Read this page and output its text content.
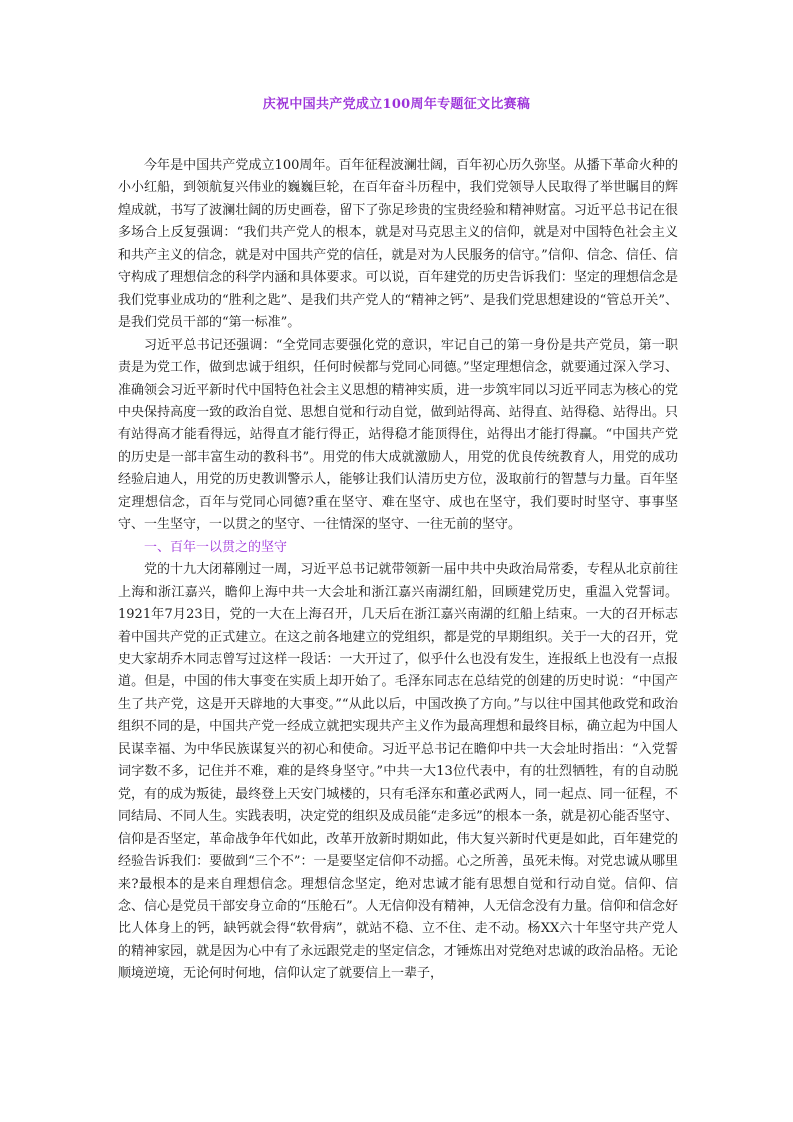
庆祝中国共产党成立100周年专题征文比赛稿

今年是中国共产党成立100周年。百年征程波澜壮阔，百年初心历久弥坚。从播下革命火种的小小红船，到领航复兴伟业的巍巍巨轮，在百年奋斗历程中，我们党领导人民取得了举世瞩目的辉煌成就，书写了波澜壮阔的历史画卷，留下了弥足珍贵的宝贵经验和精神财富。习近平总书记在很多场合上反复强调：“我们共产党人的根本，就是对马克思主义的信仰，就是对中国特色社会主义和共产主义的信念，就是对中国共产党的信任，就是对为人民服务的信守。”信仰、信念、信任、信守构成了理想信念的科学内涵和具体要求。可以说，百年建党的历史告诉我们：坚定的理想信念是我们党事业成功的“胜利之匙”、是我们共产党人的“精神之钙”、是我们党思想建设的“管总开关”、是我们党员干部的“第一标准”。

习近平总书记还强调：“全党同志要强化党的意识，牢记自己的第一身份是共产党员，第一职责是为党工作，做到忠诚于组织，任何时候都与党同心同德。”坚定理想信念，就要通过深入学习、准确领会习近平新时代中国特色社会主义思想的精神实质，进一步筑牢同以习近平同志为核心的党中央保持高度一致的政治自觉、思想自觉和行动自觉，做到站得高、站得直、站得稳、站得出。只有站得高才能看得远，站得直才能行得正，站得稳才能顶得住，站得出才能打得赢。“中国共产党的历史是一部丰富生动的教科书”。用党的伟大成就激励人，用党的优良传统教育人，用党的成功经验启迪人，用党的历史教训警示人，能够让我们认清历史方位，汲取前行的智慧与力量。百年坚定理想信念，百年与党同心同德?重在坚守、难在坚守、成也在坚守，我们要时时坚守、事事坚守、一生坚守，一以贯之的坚守、一往情深的坚守、一往无前的坚守。

一、百年一以贯之的坚守

党的十九大闭幕刚过一周，习近平总书记就带领新一届中共中央政治局常委，专程从北京前往上海和浙江嘉兴，瞻仰上海中共一大会址和浙江嘉兴南湖红船，回顾建党历史，重温入党誓词。1921年7月23日，党的一大在上海召开，几天后在浙江嘉兴南湖的红船上结束。一大的召开标志着中国共产党的正式建立。在这之前各地建立的党组织，都是党的早期组织。关于一大的召开，党史大家胡乔木同志曾写过这样一段话：一大开过了，似乎什么也没有发生，连报纸上也没有一点报道。但是，中国的伟大事变在实质上却开始了。毛泽东同志在总结党的创建的历史时说：“中国产生了共产党，这是开天辟地的大事变。”“从此以后，中国改换了方向。”与以往中国其他政党和政治组织不同的是，中国共产党一经成立就把实现共产主义作为最高理想和最终目标，确立起为中国人民谋幸福、为中华民族谋复兴的初心和使命。习近平总书记在瞻仰中共一大会址时指出：“入党誓词字数不多，记住并不难，难的是终身坚守。”中共一大13位代表中，有的壮烈牺牲，有的自动脱党，有的成为叛徒，最终登上天安门城楼的，只有毛泽东和董必武两人，同一起点、同一征程，不同结局、不同人生。实践表明，决定党的组织及成员能“走多远”的根本一条，就是初心能否坚守、信仰是否坚定，革命战争年代如此，改革开放新时期如此，伟大复兴新时代更是如此，百年建党的经验告诉我们：要做到“三个不”：一是要坚定信仰不动摇。心之所善，虽死未悔。对党忠诚从哪里来?最根本的是来自理想信念。理想信念坚定，绝对忠诚才能有思想自觉和行动自觉。信仰、信念、信心是党员干部安身立命的“压舱石”。人无信仰没有精神，人无信念没有力量。信仰和信念好比人体身上的钙，缺钙就会得“软骨病”，就站不稳、立不住、走不动。杨XX六十年坚守共产党人的精神家园，就是因为心中有了永远跟党走的坚定信念，才锤炼出对党绝对忠诚的政治品格。无论顺境逆境，无论何时何地，信仰认定了就要信上一辈子，
